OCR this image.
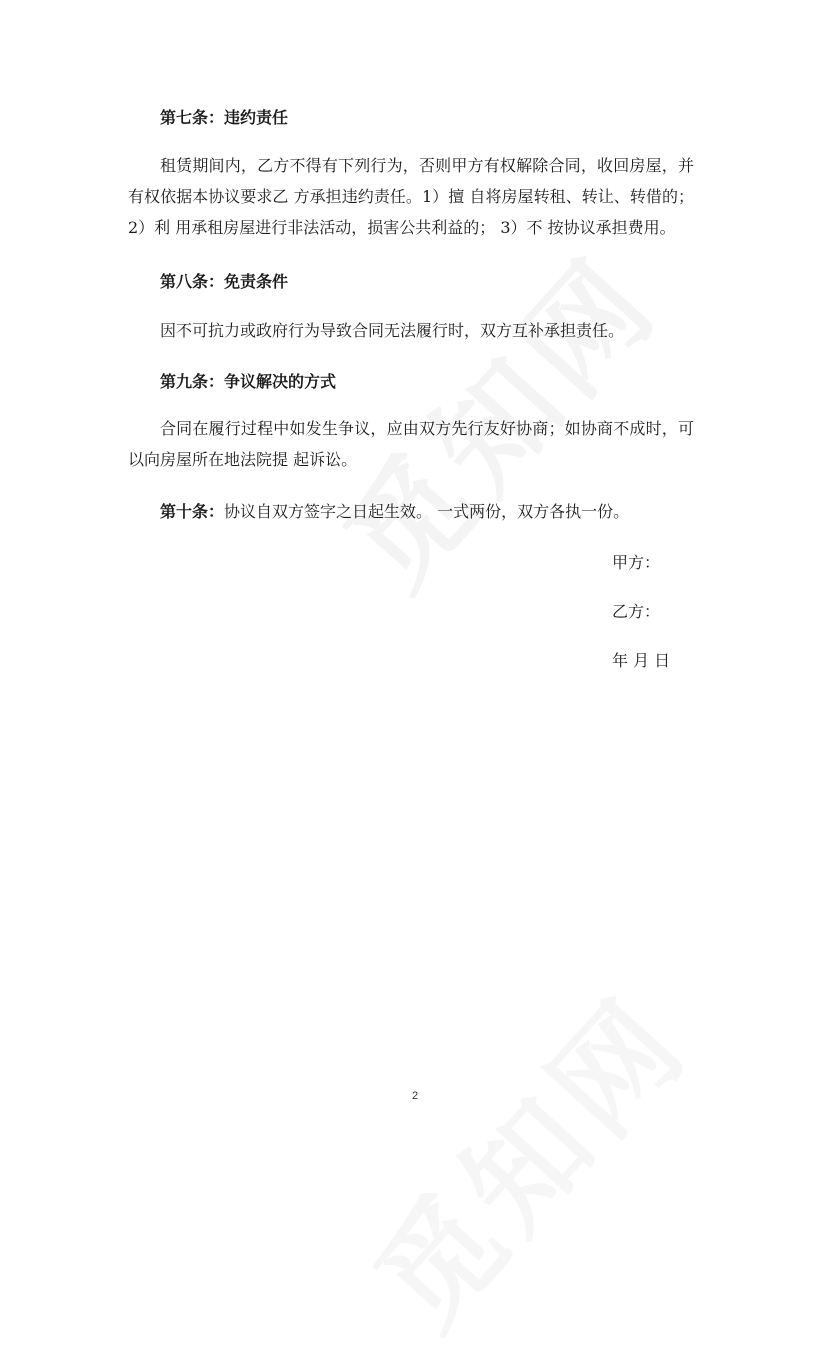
第七条：违约责任

租赁期间内，乙方不得有下列行为，否则甲方有权解除合同，收回房屋，并有权依据本协议要求乙 方承担违约责任。1）擅 自将房屋转租、转让、转借的；2）利 用承租房屋进行非法活动，损害公共利益的； 3）不 按协议承担费用。

第八条：免责条件

因不可抗力或政府行为导致合同无法履行时，双方互补承担责任。

第九条：争议解决的方式

合同在履行过程中如发生争议，应由双方先行友好协商；如协商不成时，可以向房屋所在地法院提 起诉讼。

第十条：协议自双方签字之日起生效。 一式两份，双方各执一份。
甲方：
乙方：
年 月 日
2
